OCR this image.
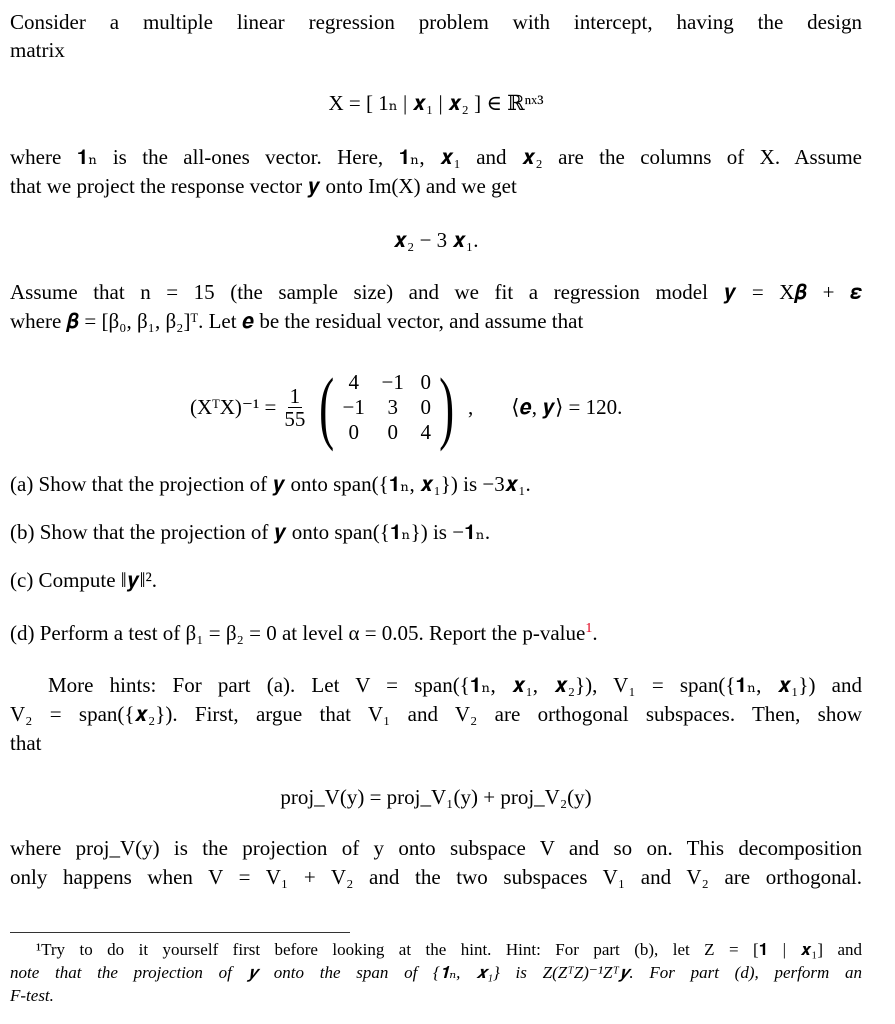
Consider a multiple linear regression problem with intercept, having the design
matrix
X = [ 1ₙ | 𝒙₁ | 𝒙₂ ] ∈ ℝⁿˣ³
where 𝟏ₙ is the all-ones vector. Here, 𝟏ₙ, 𝒙₁ and 𝒙₂ are the columns of X. Assume
that we project the response vector 𝒚 onto Im(X) and we get
𝒙₂ − 3 𝒙₁.
Assume that n = 15 (the sample size) and we fit a regression model 𝒚 = X𝜷 + 𝜺
where 𝜷 = [β₀, β₁, β₂]ᵀ. Let 𝒆 be the residual vector, and assume that
(XᵀX)⁻¹ = $\frac{1}{55}$ ( 4	−1 0
−1	3	0
0	0	4 ) , ⟨𝒆, 𝒚⟩ = 120.
(a) Show that the projection of 𝒚 onto span({𝟏ₙ, 𝒙₁}) is −3𝒙₁.
(b) Show that the projection of 𝒚 onto span({𝟏ₙ}) is −𝟏ₙ.
(c) Compute ‖𝒚‖².
(d) Perform a test of β₁ = β₂ = 0 at level α = 0.05. Report the p-value$^1$.
More hints: For part (a). Let V = span({𝟏ₙ, 𝒙₁, 𝒙₂}), V₁ = span({𝟏ₙ, 𝒙₁}) and
V₂ = span({𝒙₂}). First, argue that V₁ and V₂ are orthogonal subspaces. Then, show
that
proj_V(y) = proj_V₁(y) + proj_V₂(y)
where proj_V(y) is the projection of y onto subspace V and so on. This decomposition
only happens when V = V₁ + V₂ and the two subspaces V₁ and V₂ are orthogonal.
¹Try to do it yourself first before looking at the hint. Hint: For part (b), let Z = [𝟏 | 𝒙₁] and
note that the projection of 𝒚 onto the span of {𝟏ₙ, 𝒙₁} is Z(ZᵀZ)⁻¹Zᵀ𝒚. For part (d), perform an
F-test.
